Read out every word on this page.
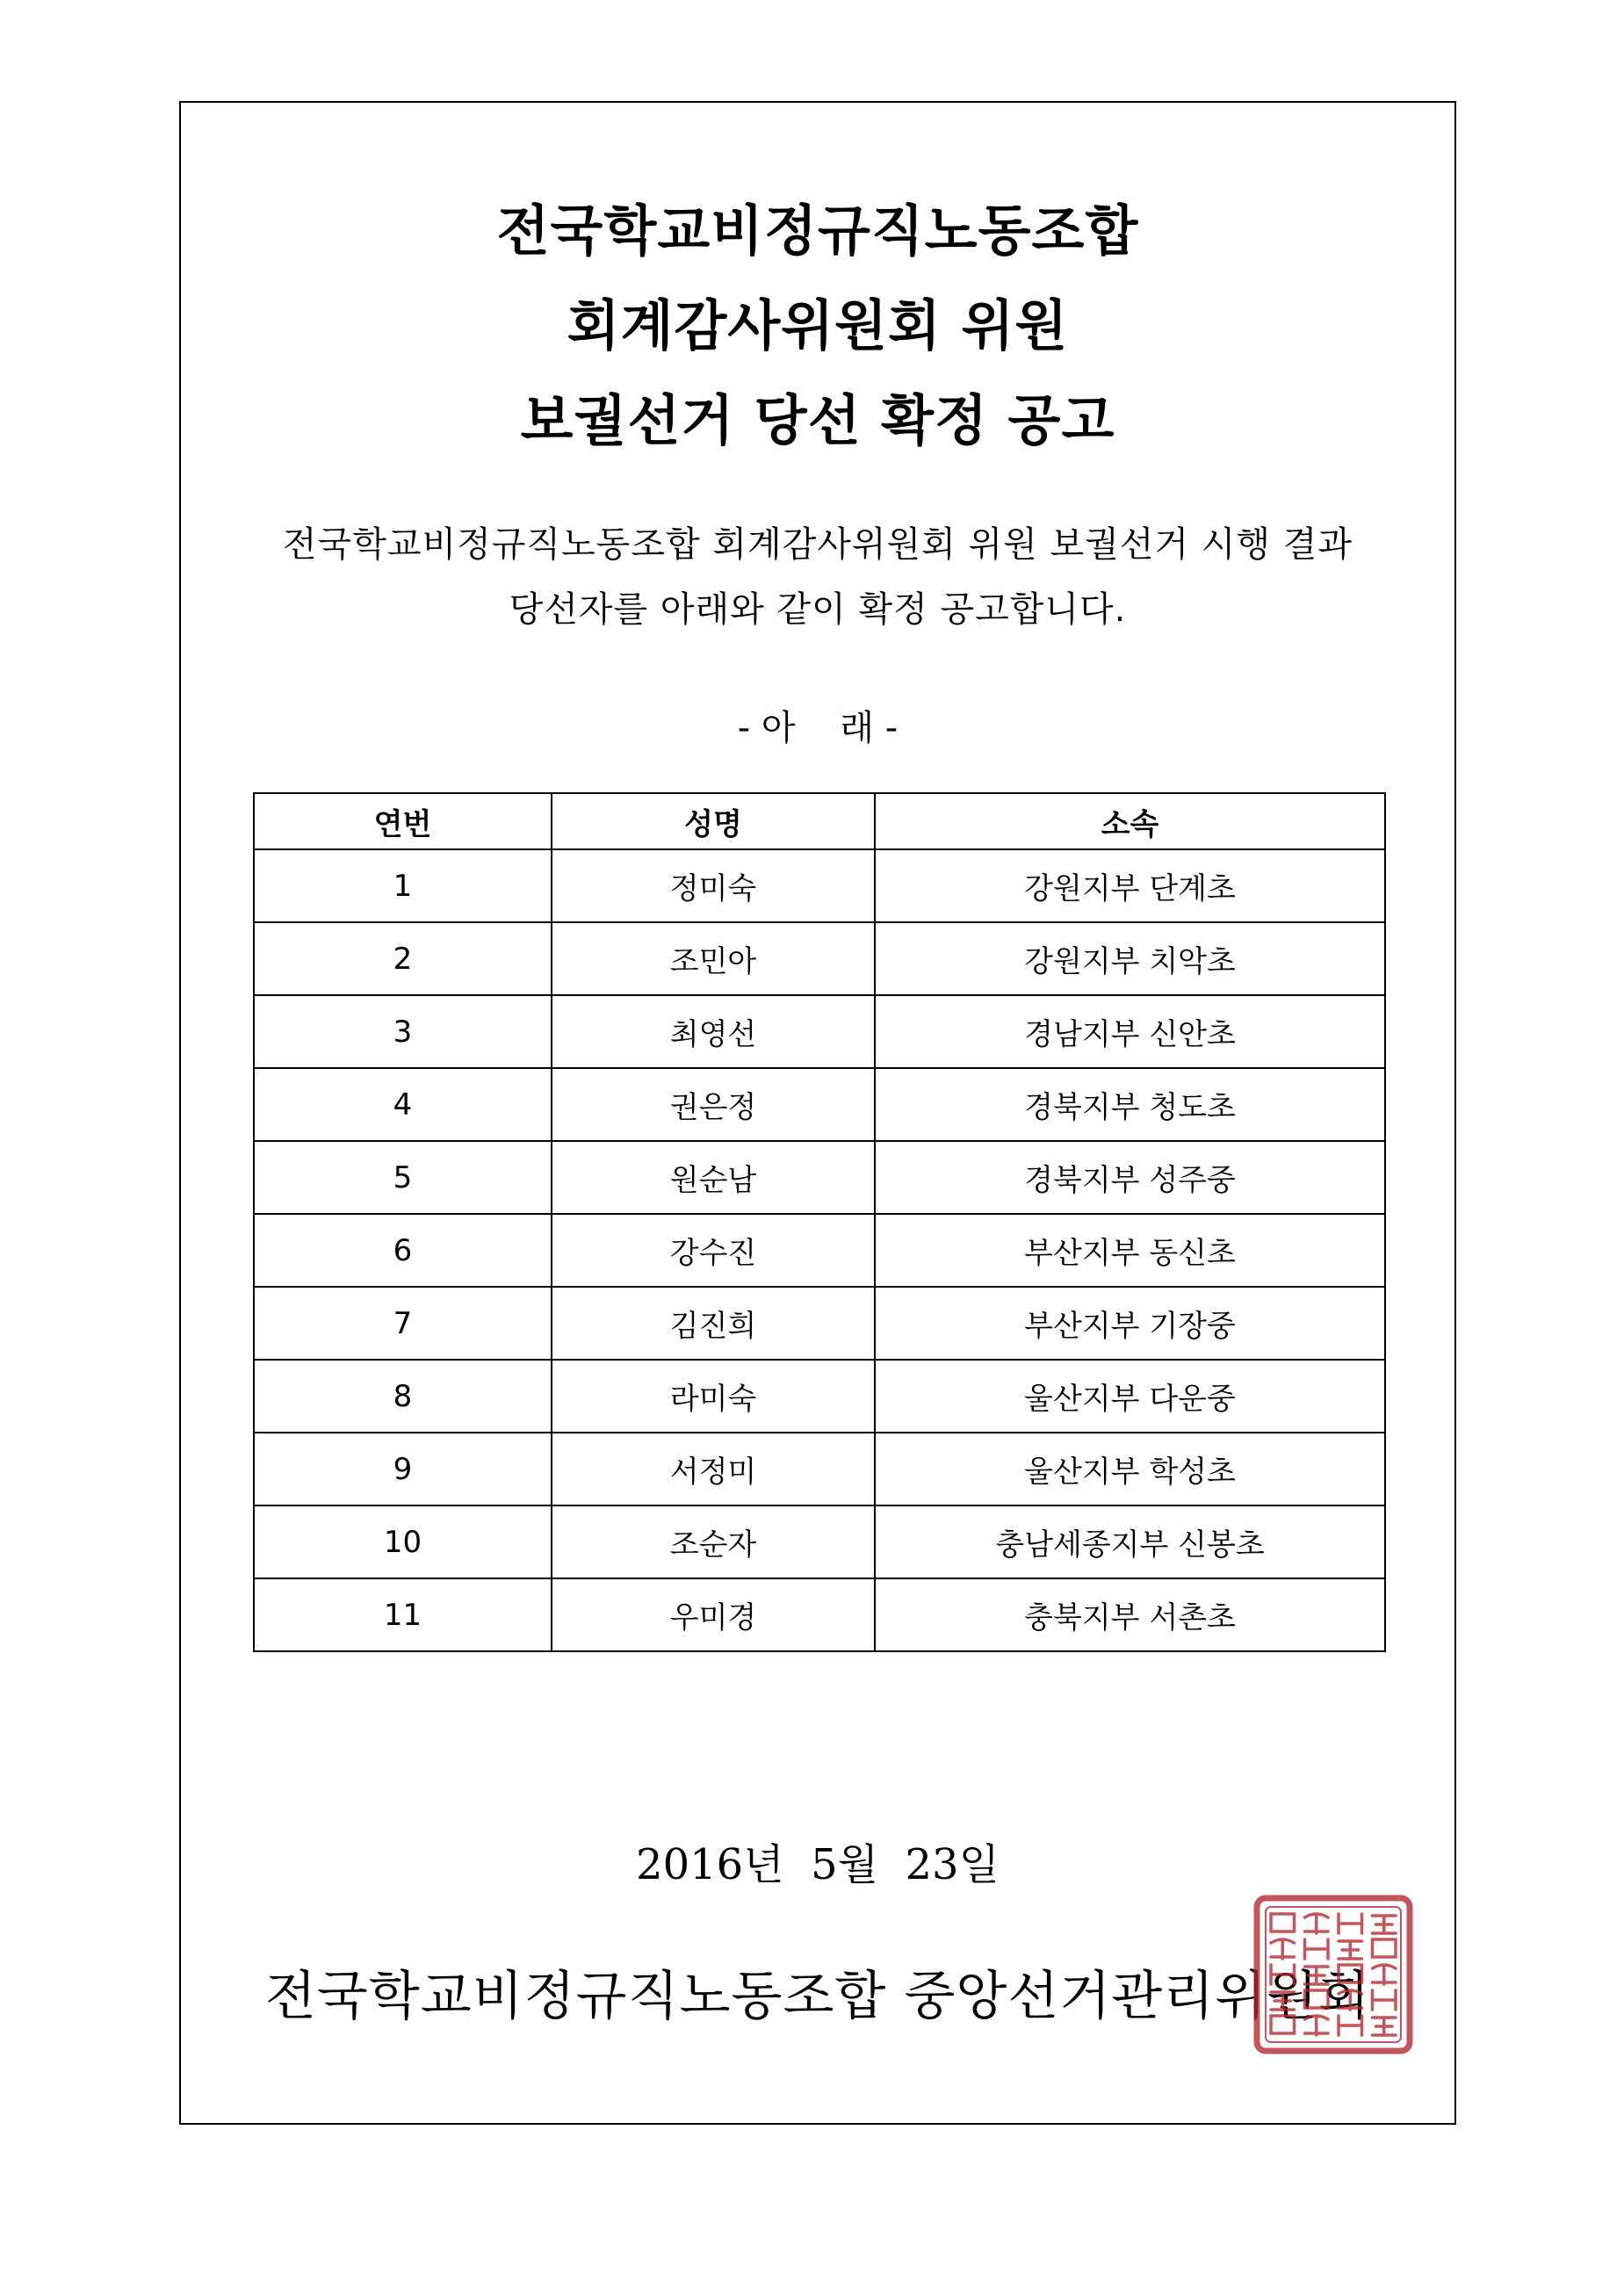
전국학교비정규직노동조합
회계감사위원회 위원
보궐선거 당선 확정 공고
전국학교비정규직노동조합 회계감사위원회 위원 보궐선거 시행 결과
당선자를 아래와 같이 확정 공고합니다.
- 아    래 -
연번	성명	소속
1	정미숙	강원지부 단계초
2	조민아	강원지부 치악초
3	최영선	경남지부 신안초
4	권은정	경북지부 청도초
5	원순남	경북지부 성주중
6	강수진	부산지부 동신초
7	김진희	부산지부 기장중
8	라미숙	울산지부 다운중
9	서정미	울산지부 학성초
10	조순자	충남세종지부 신봉초
11	우미경	충북지부 서촌초
2016년  5월  23일
전국학교비정규직노동조합 중앙선거관리위원회
